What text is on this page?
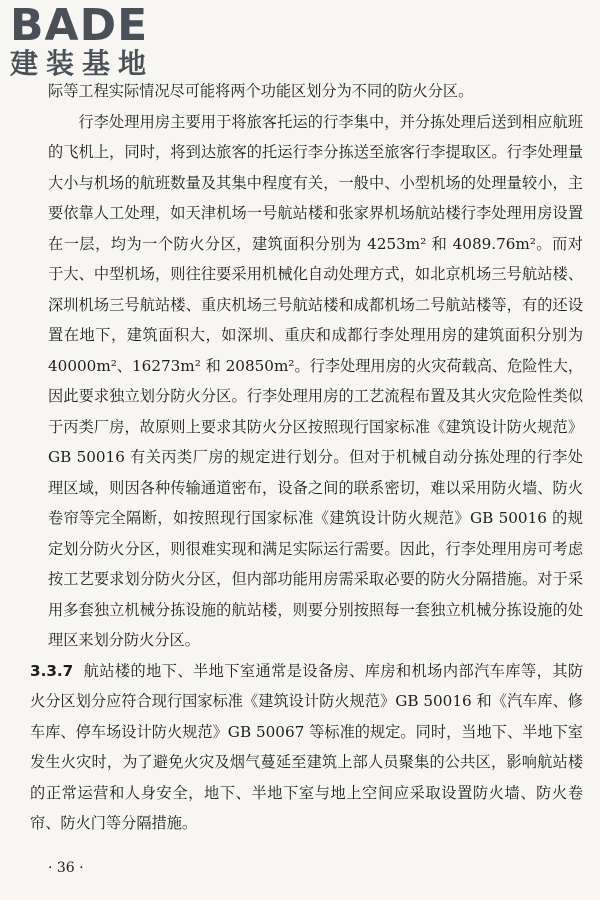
BADE
建装基地

际等工程实际情况尽可能将两个功能区划分为不同的防火分区。

行李处理用房主要用于将旅客托运的行李集中，并分拣处理后送到相应航班的飞机上，同时，将到达旅客的托运行李分拣送至旅客行李提取区。行李处理量大小与机场的航班数量及其集中程度有关，一般中、小型机场的处理量较小，主要依靠人工处理，如天津机场一号航站楼和张家界机场航站楼行李处理用房设置在一层，均为一个防火分区，建筑面积分别为 4253m² 和 4089.76m²。而对于大、中型机场，则往往要采用机械化自动处理方式，如北京机场三号航站楼、深圳机场三号航站楼、重庆机场三号航站楼和成都机场二号航站楼等，有的还设置在地下，建筑面积大，如深圳、重庆和成都行李处理用房的建筑面积分别为 40000m²、16273m² 和 20850m²。行李处理用房的火灾荷载高、危险性大，因此要求独立划分防火分区。行李处理用房的工艺流程布置及其火灾危险性类似于丙类厂房，故原则上要求其防火分区按照现行国家标准《建筑设计防火规范》GB 50016 有关丙类厂房的规定进行划分。但对于机械自动分拣处理的行李处理区域，则因各种传输通道密布，设备之间的联系密切，难以采用防火墙、防火卷帘等完全隔断，如按照现行国家标准《建筑设计防火规范》GB 50016 的规定划分防火分区，则很难实现和满足实际运行需要。因此，行李处理用房可考虑按工艺要求划分防火分区，但内部功能用房需采取必要的防火分隔措施。对于采用多套独立机械分拣设施的航站楼，则要分别按照每一套独立机械分拣设施的处理区来划分防火分区。

3.3.7 航站楼的地下、半地下室通常是设备房、库房和机场内部汽车库等，其防火分区划分应符合现行国家标准《建筑设计防火规范》GB 50016 和《汽车库、修车库、停车场设计防火规范》GB 50067 等标准的规定。同时，当地下、半地下室发生火灾时，为了避免火灾及烟气蔓延至建筑上部人员聚集的公共区，影响航站楼的正常运营和人身安全，地下、半地下室与地上空间应采取设置防火墙、防火卷帘、防火门等分隔措施。

· 36 ·
